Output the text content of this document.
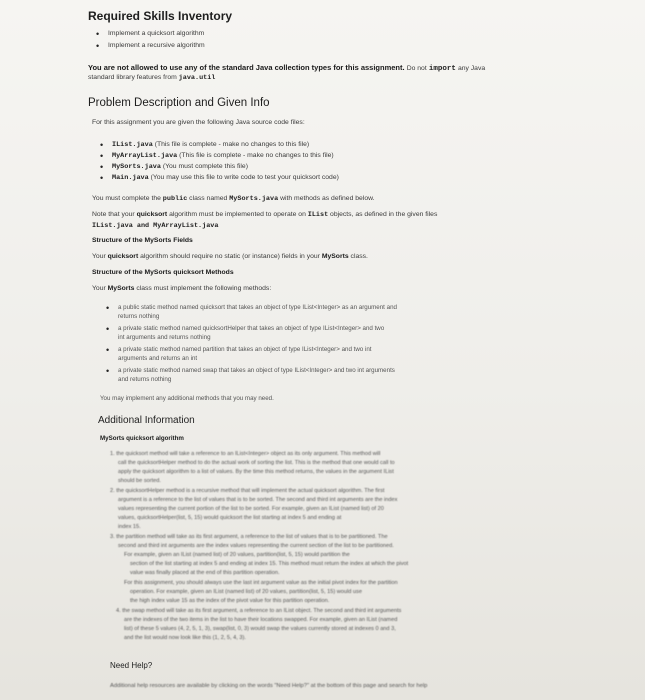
Required Skills Inventory
• Implement a quicksort algorithm
• Implement a recursive algorithm
You are not allowed to use any of the standard Java collection types for this assignment. Do not import any Java
standard library features from java.util
Problem Description and Given Info
For this assignment you are given the following Java source code files:
• IList.java (This file is complete - make no changes to this file)
• MyArrayList.java (This file is complete - make no changes to this file)
• MySorts.java (You must complete this file)
• Main.java (You may use this file to write code to test your quicksort code)
You must complete the public class named MySorts.java with methods as defined below.
Note that your quicksort algorithm must be implemented to operate on IList objects, as defined in the given files
IList.java and MyArrayList.java
Structure of the MySorts Fields
Your quicksort algorithm should require no static (or instance) fields in your MySorts class.
Structure of the MySorts quicksort Methods
Your MySorts class must implement the following methods:
• a public static method named quicksort that takes an object of type IList<Integer> as an argument and
returns nothing
• a private static method named quicksortHelper that takes an object of type IList<Integer> and two
int arguments and returns nothing
• a private static method named partition that takes an object of type IList<Integer> and two int
arguments and returns an int
• a private static method named swap that takes an object of type IList<Integer> and two int arguments
and returns nothing
You may implement any additional methods that you may need.
Additional Information
MySorts quicksort algorithm
1. the quicksort method will take a reference to an IList<Integer> object as its only argument. This method will
call the quicksortHelper method to do the actual work of sorting the list. This is the method that one would call to
apply the quicksort algorithm to a list of values. By the time this method returns, the values in the argument IList
should be sorted.
2. the quicksortHelper method is a recursive method that will implement the actual quicksort algorithm. The first
argument is a reference to the list of values that is to be sorted. The second and third int arguments are the index
values representing the current portion of the list to be sorted. For example, given an IList (named list) of 20
values, quicksortHelper(list, 5, 15) would quicksort the list starting at index 5 and ending at
index 15.
3. the partition method will take as its first argument, a reference to the list of values that is to be partitioned. The
second and third int arguments are the index values representing the current section of the list to be partitioned.
For example, given an IList (named list) of 20 values, partition(list, 5, 15) would partition the
section of the list starting at index 5 and ending at index 15. This method must return the index at which the pivot
value was finally placed at the end of this partition operation.
For this assignment, you should always use the last int argument value as the initial pivot index for the partition
operation. For example, given an IList (named list) of 20 values, partition(list, 5, 15) would use
the high index value 15 as the index of the pivot value for this partition operation.
4. the swap method will take as its first argument, a reference to an IList object. The second and third int arguments
are the indexes of the two items in the list to have their locations swapped. For example, given an IList (named
list) of these 5 values (4, 2, 5, 1, 3), swap(list, 0, 3) would swap the values currently stored at indexes 0 and 3,
and the list would now look like this (1, 2, 5, 4, 3).
Need Help?
Additional help resources are available by clicking on the words "Need Help?" at the bottom of this page and search for help
